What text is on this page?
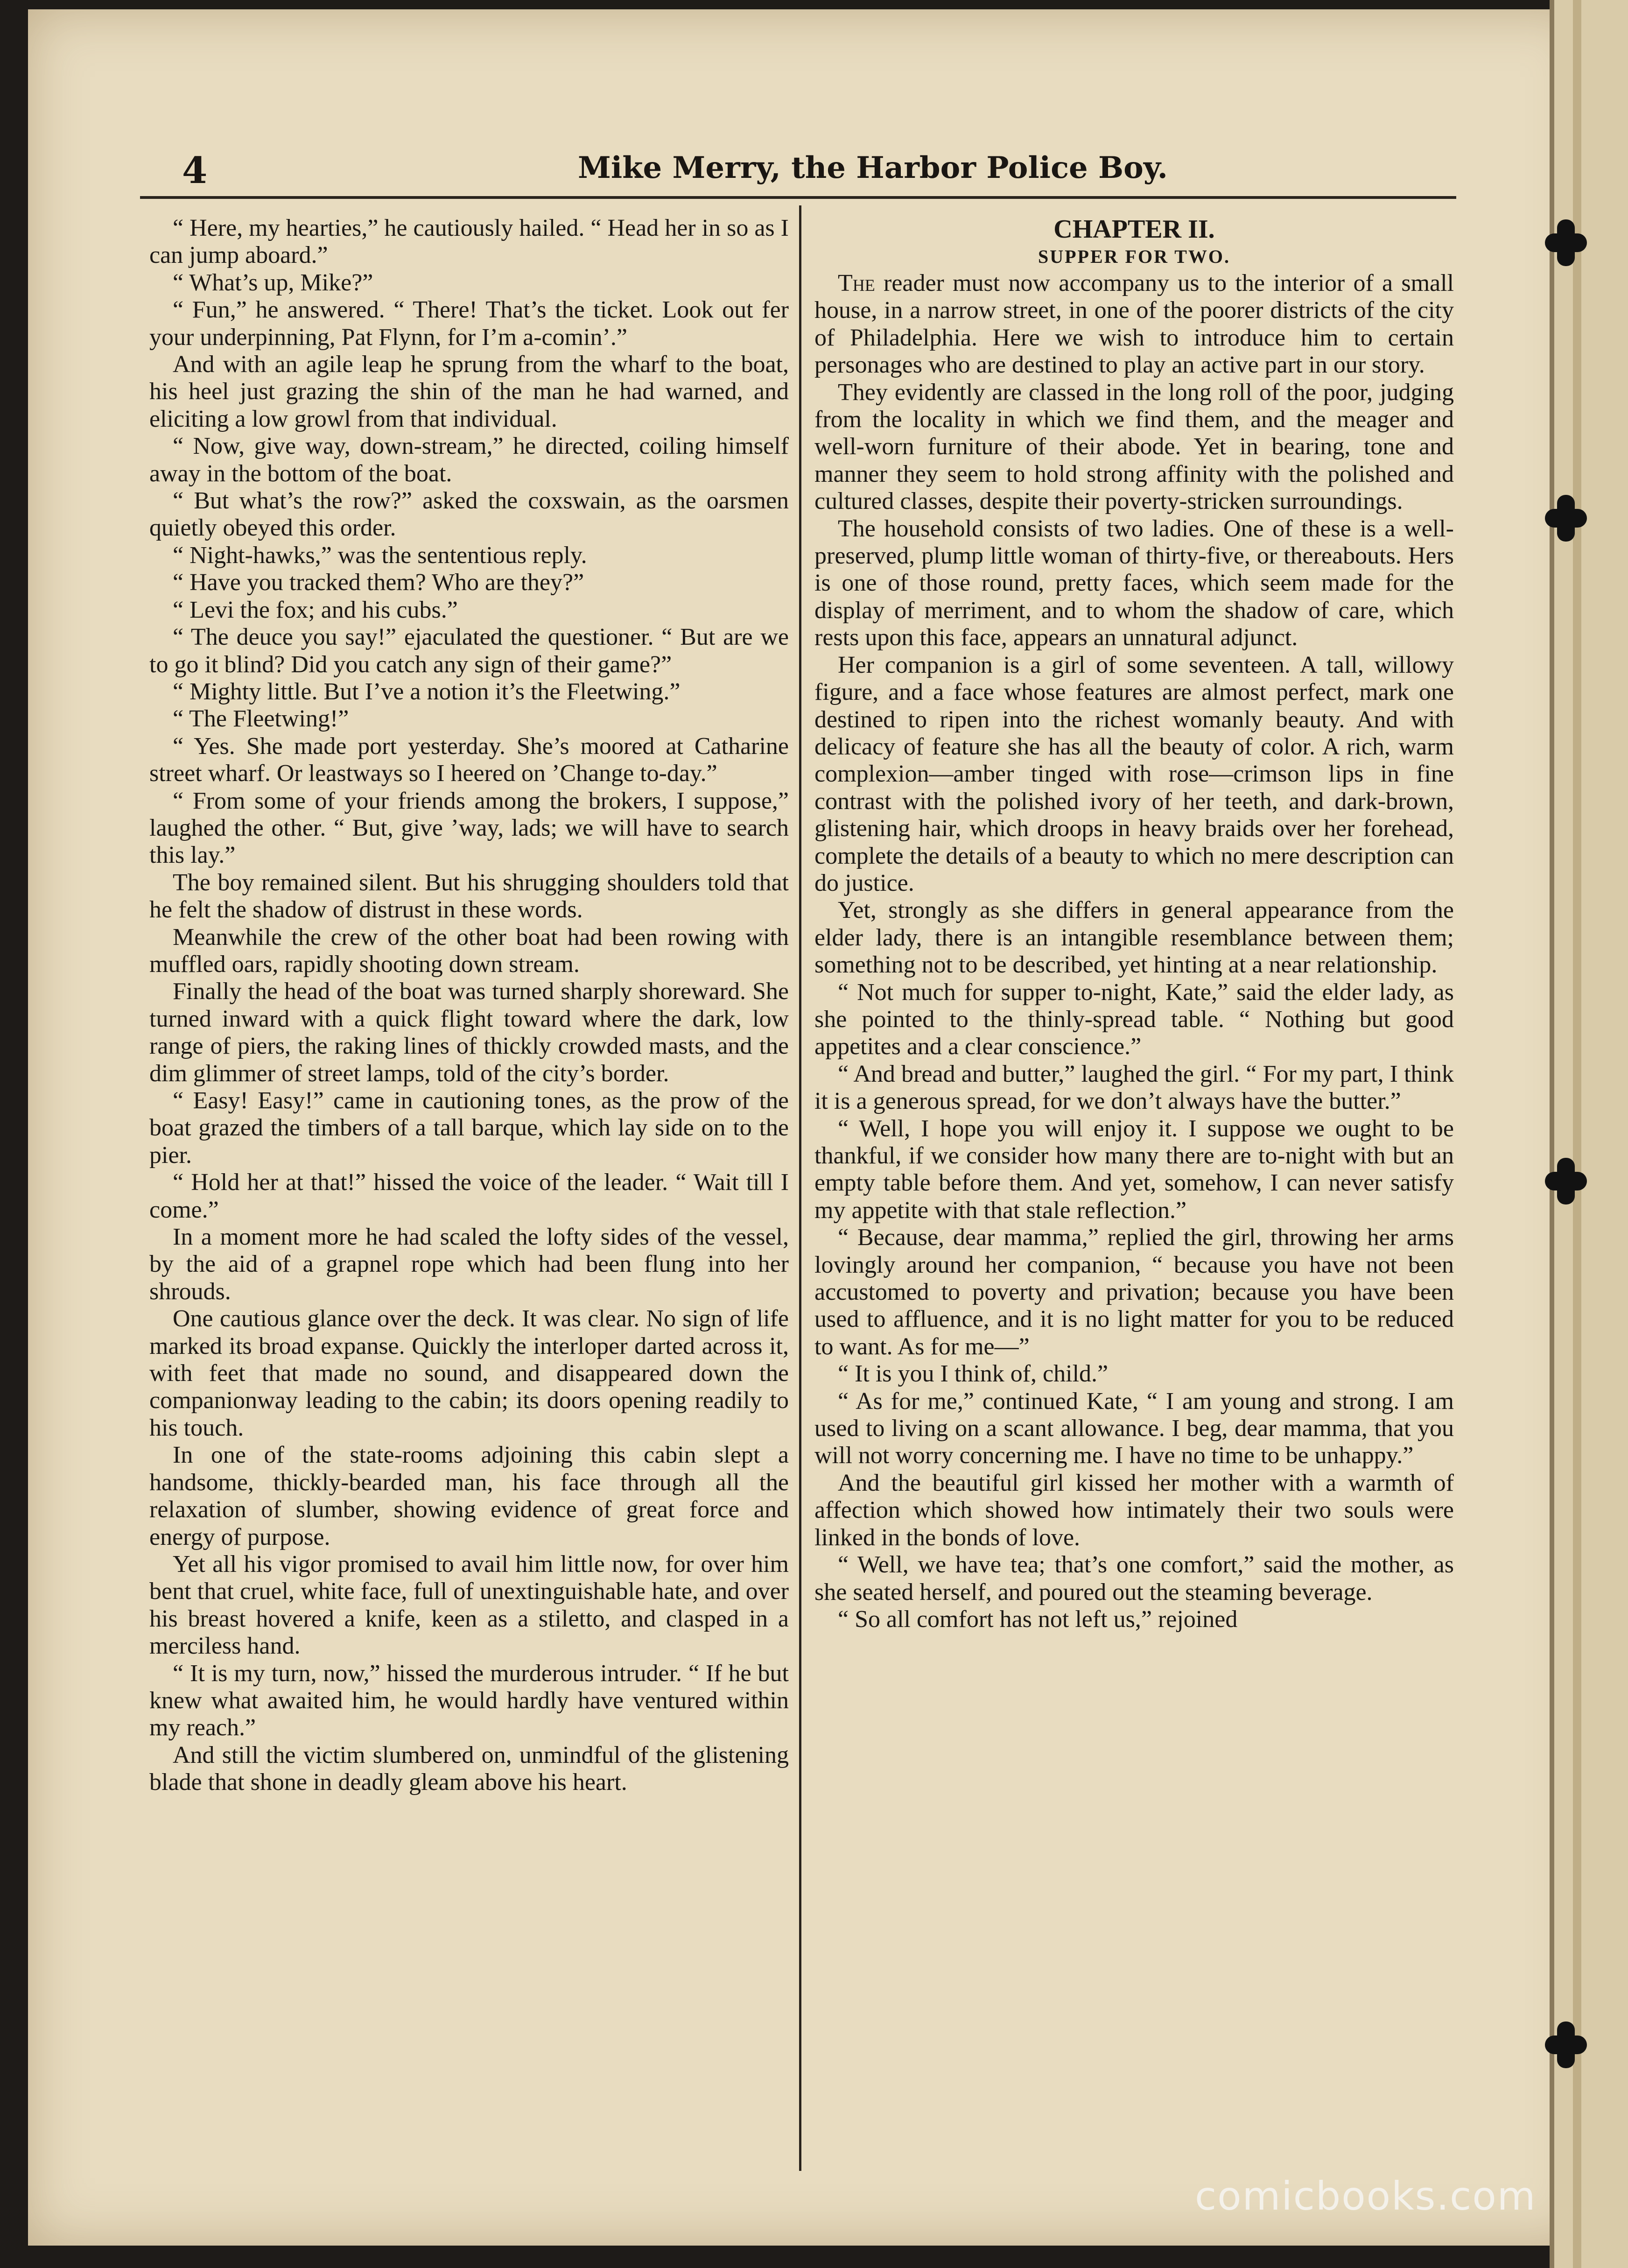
4	Mike Merry, the Harbor Police Boy.

“ Here, my hearties,” he cautiously hailed. “ Head her in so as I can jump aboard.”

“ What’s up, Mike?”

“ Fun,” he answered. “ There! That’s the ticket. Look out fer your underpinning, Pat Flynn, for I’m a-comin’.”

And with an agile leap he sprung from the wharf to the boat, his heel just grazing the shin of the man he had warned, and eliciting a low growl from that individual.

“ Now, give way, down-stream,” he directed, coiling himself away in the bottom of the boat.

“ But what’s the row?” asked the coxswain, as the oarsmen quietly obeyed this order.

“ Night-hawks,” was the sententious reply.

“ Have you tracked them? Who are they?”

“ Levi the fox; and his cubs.”

“ The deuce you say!” ejaculated the questioner. “ But are we to go it blind? Did you catch any sign of their game?”

“ Mighty little. But I’ve a notion it’s the Fleetwing.”

“ The Fleetwing!”

“ Yes. She made port yesterday. She’s moored at Catharine street wharf. Or leastways so I heered on ’Change to-day.”

“ From some of your friends among the brokers, I suppose,” laughed the other. “ But, give ’way, lads; we will have to search this lay.”

The boy remained silent. But his shrugging shoulders told that he felt the shadow of distrust in these words.

Meanwhile the crew of the other boat had been rowing with muffled oars, rapidly shooting down stream.

Finally the head of the boat was turned sharply shoreward. She turned inward with a quick flight toward where the dark, low range of piers, the raking lines of thickly crowded masts, and the dim glimmer of street lamps, told of the city’s border.

“ Easy! Easy!” came in cautioning tones, as the prow of the boat grazed the timbers of a tall barque, which lay side on to the pier.

“ Hold her at that!” hissed the voice of the leader. “ Wait till I come.”

In a moment more he had scaled the lofty sides of the vessel, by the aid of a grapnel rope which had been flung into her shrouds.

One cautious glance over the deck. It was clear. No sign of life marked its broad expanse. Quickly the interloper darted across it, with feet that made no sound, and disappeared down the companionway leading to the cabin; its doors opening readily to his touch.

In one of the state-rooms adjoining this cabin slept a handsome, thickly-bearded man, his face through all the relaxation of slumber, showing evidence of great force and energy of purpose.

Yet all his vigor promised to avail him little now, for over him bent that cruel, white face, full of unextinguishable hate, and over his breast hovered a knife, keen as a stiletto, and clasped in a merciless hand.

“ It is my turn, now,” hissed the murderous intruder. “ If he but knew what awaited him, he would hardly have ventured within my reach.”

And still the victim slumbered on, unmindful of the glistening blade that shone in deadly gleam above his heart.

CHAPTER II.
SUPPER FOR TWO.

The reader must now accompany us to the interior of a small house, in a narrow street, in one of the poorer districts of the city of Philadelphia. Here we wish to introduce him to certain personages who are destined to play an active part in our story.

They evidently are classed in the long roll of the poor, judging from the locality in which we find them, and the meager and well-worn furniture of their abode. Yet in bearing, tone and manner they seem to hold strong affinity with the polished and cultured classes, despite their poverty-stricken surroundings.

The household consists of two ladies. One of these is a well-preserved, plump little woman of thirty-five, or thereabouts. Hers is one of those round, pretty faces, which seem made for the display of merriment, and to whom the shadow of care, which rests upon this face, appears an unnatural adjunct.

Her companion is a girl of some seventeen. A tall, willowy figure, and a face whose features are almost perfect, mark one destined to ripen into the richest womanly beauty. And with delicacy of feature she has all the beauty of color. A rich, warm complexion—amber tinged with rose—crimson lips in fine contrast with the polished ivory of her teeth, and dark-brown, glistening hair, which droops in heavy braids over her forehead, complete the details of a beauty to which no mere description can do justice.

Yet, strongly as she differs in general appearance from the elder lady, there is an intangible resemblance between them; something not to be described, yet hinting at a near relationship.

“ Not much for supper to-night, Kate,” said the elder lady, as she pointed to the thinly-spread table. “ Nothing but good appetites and a clear conscience.”

“ And bread and butter,” laughed the girl. “ For my part, I think it is a generous spread, for we don’t always have the butter.”

“ Well, I hope you will enjoy it. I suppose we ought to be thankful, if we consider how many there are to-night with but an empty table before them. And yet, somehow, I can never satisfy my appetite with that stale reflection.”

“ Because, dear mamma,” replied the girl, throwing her arms lovingly around her companion, “ because you have not been accustomed to poverty and privation; because you have been used to affluence, and it is no light matter for you to be reduced to want. As for me—”

“ It is you I think of, child.”

“ As for me,” continued Kate, “ I am young and strong. I am used to living on a scant allowance. I beg, dear mamma, that you will not worry concerning me. I have no time to be unhappy.”

And the beautiful girl kissed her mother with a warmth of affection which showed how intimately their two souls were linked in the bonds of love.

“ Well, we have tea; that’s one comfort,” said the mother, as she seated herself, and poured out the steaming beverage.

“ So all comfort has not left us,” rejoined

comicbooks.com
